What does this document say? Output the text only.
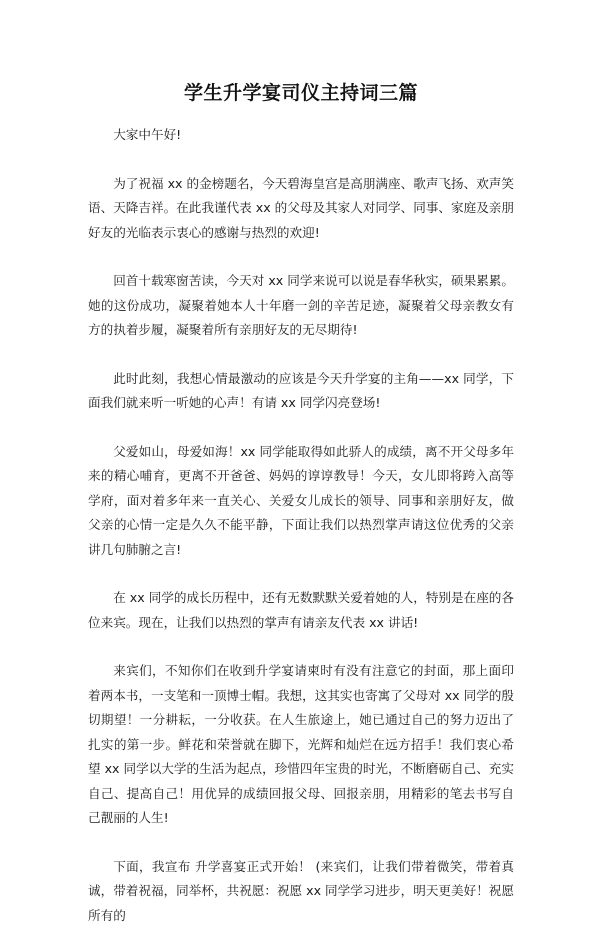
学生升学宴司仪主持词三篇

大家中午好!

为了祝福 xx 的金榜题名，今天碧海皇宫是高朋满座、歌声飞扬、欢声笑语、天降吉祥。在此我谨代表 xx 的父母及其家人对同学、同事、家庭及亲朋好友的光临表示衷心的感谢与热烈的欢迎!

回首十载寒窗苦读，今天对 xx 同学来说可以说是春华秋实，硕果累累。她的这份成功，凝聚着她本人十年磨一剑的辛苦足迹，凝聚着父母亲教女有方的执着步履，凝聚着所有亲朋好友的无尽期待!

此时此刻，我想心情最激动的应该是今天升学宴的主角——xx 同学，下面我们就来听一听她的心声！有请 xx 同学闪亮登场!

父爱如山，母爱如海！xx 同学能取得如此骄人的成绩，离不开父母多年来的精心哺育，更离不开爸爸、妈妈的谆谆教导！今天，女儿即将跨入高等学府，面对着多年来一直关心、关爱女儿成长的领导、同事和亲朋好友，做父亲的心情一定是久久不能平静，下面让我们以热烈掌声请这位优秀的父亲讲几句肺腑之言!

在 xx 同学的成长历程中，还有无数默默关爱着她的人，特别是在座的各位来宾。现在，让我们以热烈的掌声有请亲友代表 xx 讲话!

来宾们，不知你们在收到升学宴请柬时有没有注意它的封面，那上面印着两本书，一支笔和一顶博士帽。我想，这其实也寄寓了父母对 xx 同学的殷切期望！一分耕耘，一分收获。在人生旅途上，她已通过自己的努力迈出了扎实的第一步。鲜花和荣誉就在脚下，光辉和灿烂在远方招手！我们衷心希望 xx 同学以大学的生活为起点，珍惜四年宝贵的时光，不断磨砺自己、充实自己、提高自己！用优异的成绩回报父母、回报亲朋，用精彩的笔去书写自己靓丽的人生!

下面，我宣布 升学喜宴正式开始！ (来宾们，让我们带着微笑，带着真诚，带着祝福，同举杯，共祝愿：祝愿 xx 同学学习进步，明天更美好！祝愿所有的
